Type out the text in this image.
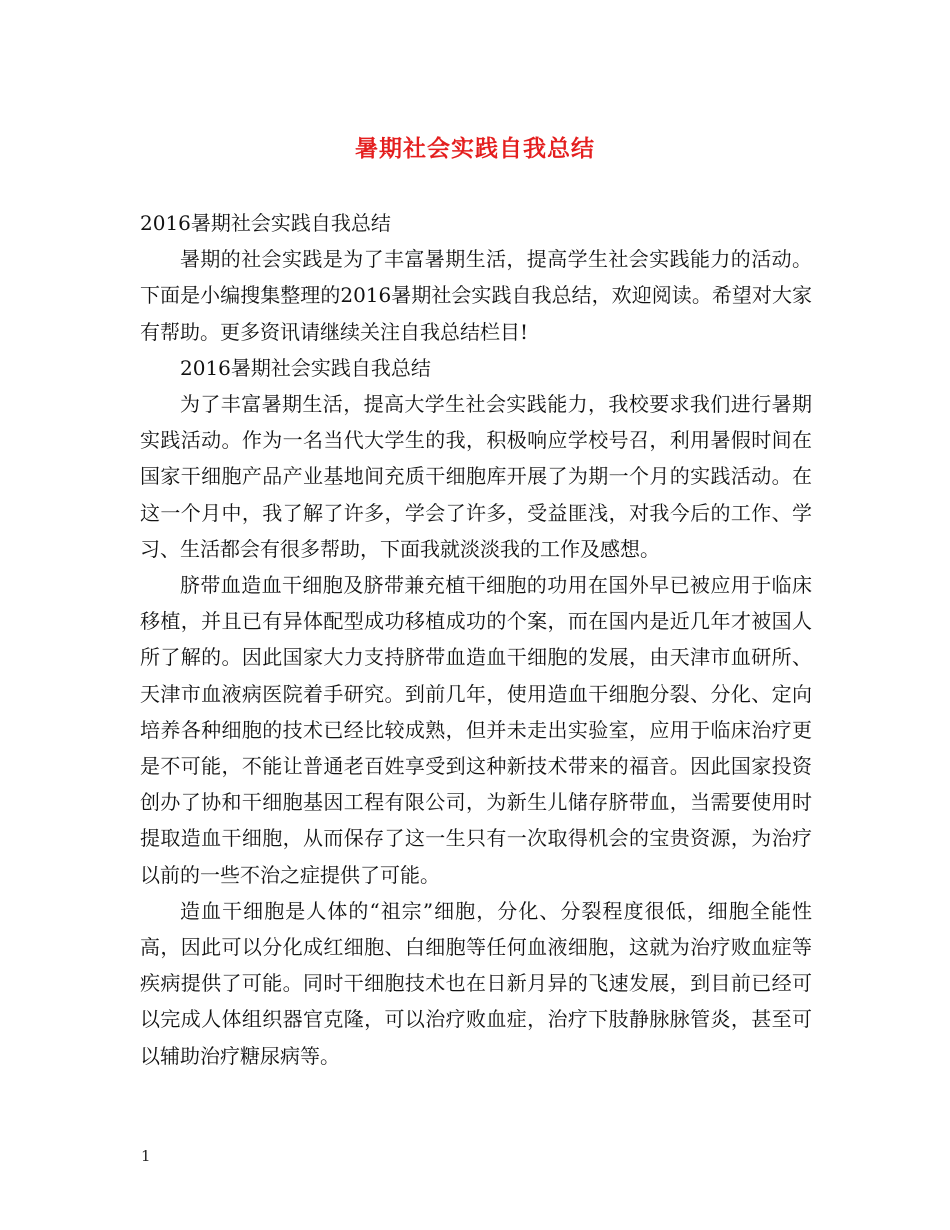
暑期社会实践自我总结

2016暑期社会实践自我总结

暑期的社会实践是为了丰富暑期生活，提高学生社会实践能力的活动。下面是小编搜集整理的2016暑期社会实践自我总结，欢迎阅读。希望对大家有帮助。更多资讯请继续关注自我总结栏目!

2016暑期社会实践自我总结

为了丰富暑期生活，提高大学生社会实践能力，我校要求我们进行暑期实践活动。作为一名当代大学生的我，积极响应学校号召，利用暑假时间在国家干细胞产品产业基地间充质干细胞库开展了为期一个月的实践活动。在这一个月中，我了解了许多，学会了许多，受益匪浅，对我今后的工作、学习、生活都会有很多帮助，下面我就淡淡我的工作及感想。

脐带血造血干细胞及脐带兼充植干细胞的功用在国外早已被应用于临床移植，并且已有异体配型成功移植成功的个案，而在国内是近几年才被国人所了解的。因此国家大力支持脐带血造血干细胞的发展，由天津市血研所、天津市血液病医院着手研究。到前几年，使用造血干细胞分裂、分化、定向培养各种细胞的技术已经比较成熟，但并未走出实验室，应用于临床治疗更是不可能，不能让普通老百姓享受到这种新技术带来的福音。因此国家投资创办了协和干细胞基因工程有限公司，为新生儿储存脐带血，当需要使用时提取造血干细胞，从而保存了这一生只有一次取得机会的宝贵资源，为治疗以前的一些不治之症提供了可能。

造血干细胞是人体的“祖宗”细胞，分化、分裂程度很低，细胞全能性高，因此可以分化成红细胞、白细胞等任何血液细胞，这就为治疗败血症等疾病提供了可能。同时干细胞技术也在日新月异的飞速发展，到目前已经可以完成人体组织器官克隆，可以治疗败血症，治疗下肢静脉脉管炎，甚至可以辅助治疗糖尿病等。

1
